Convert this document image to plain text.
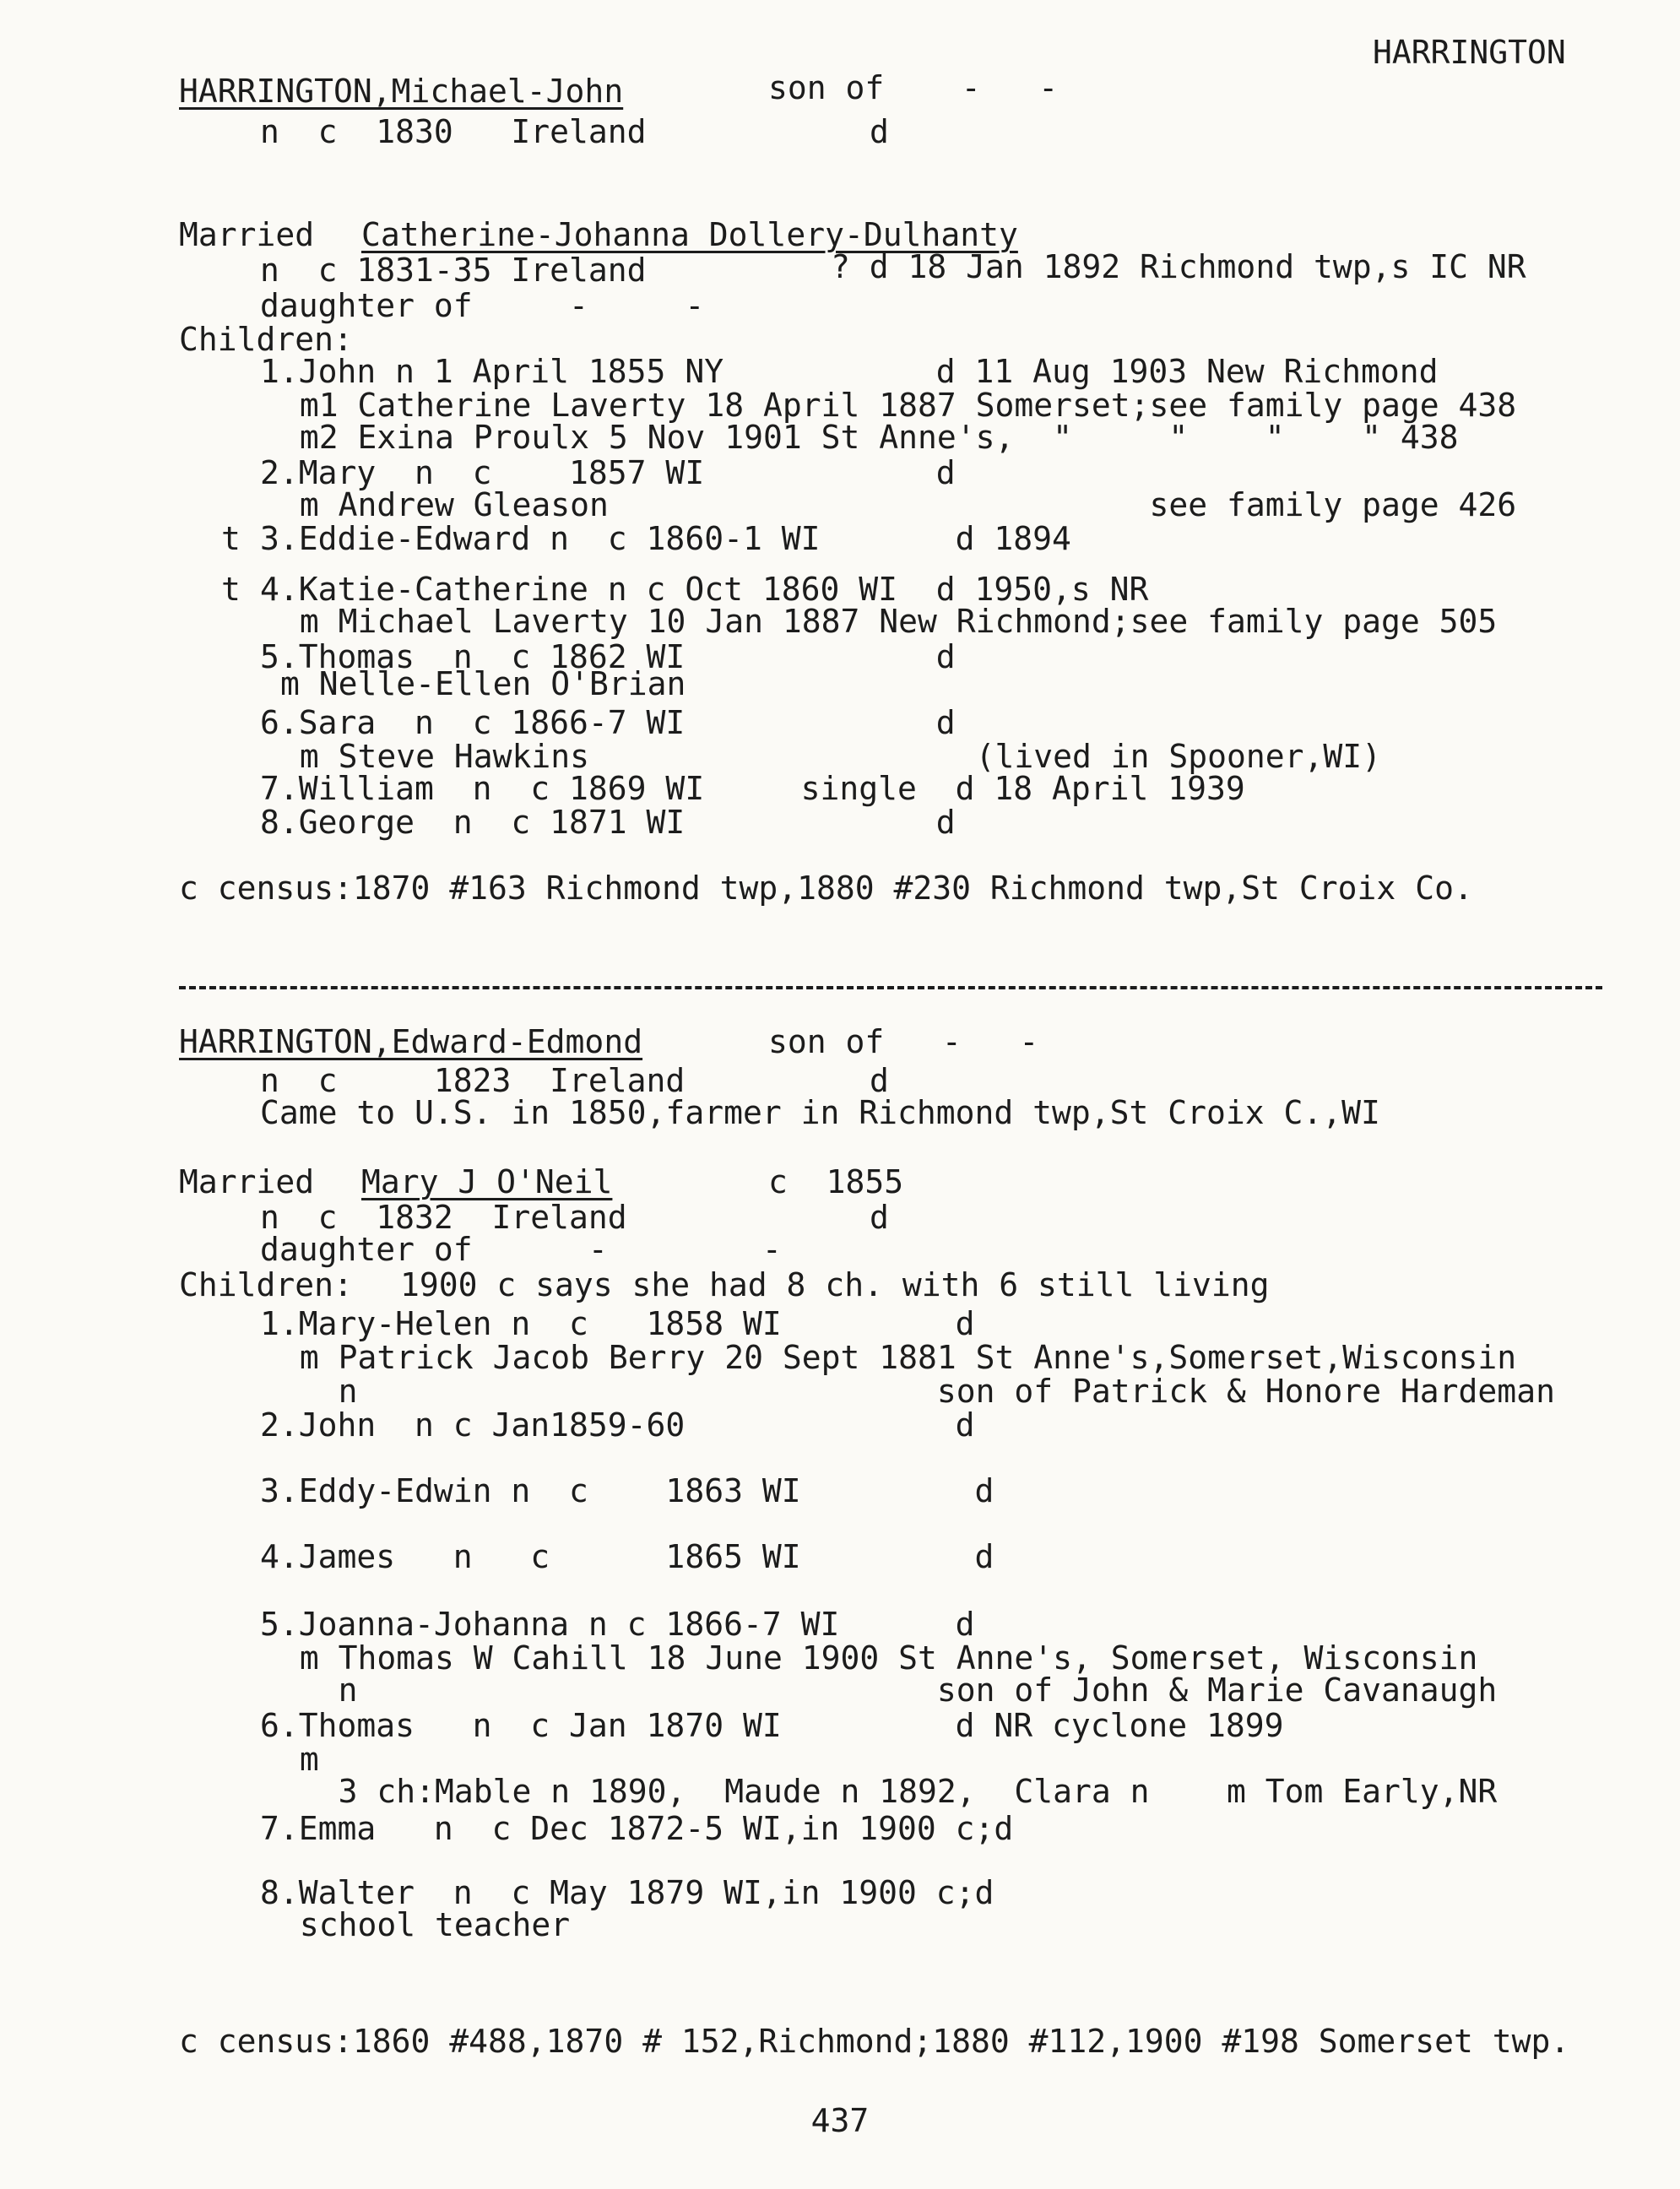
HARRINGTON
HARRINGTON,Michael-John	son of    -   -
n  c  1830   Ireland	d
Married Catherine-Johanna Dollery-Dulhanty
n  c 1831-35 Ireland	? d 18 Jan 1892 Richmond twp,s IC NR
daughter of     -     -
Children:
1.John n 1 April 1855 NY           d 11 Aug 1903 New Richmond
m1 Catherine Laverty 18 April 1887 Somerset;see family page 438
m2 Exina Proulx 5 Nov 1901 St Anne's,  "     "    "    " 438
2.Mary  n  c    1857 WI            d
m Andrew Gleason                            see family page 426
t 3.Eddie-Edward n  c 1860-1 WI       d 1894
t 4.Katie-Catherine n c Oct 1860 WI  d 1950,s NR
m Michael Laverty 10 Jan 1887 New Richmond;see family page 505
5.Thomas  n  c 1862 WI             d
m Nelle-Ellen O'Brian
6.Sara  n  c 1866-7 WI             d
m Steve Hawkins                    (lived in Spooner,WI)
7.William  n  c 1869 WI     single  d 18 April 1939
8.George  n  c 1871 WI             d
c census:1870 #163 Richmond twp,1880 #230 Richmond twp,St Croix Co.
HARRINGTON,Edward-Edmond	son of   -   -
n  c     1823  Ireland	d
Came to U.S. in 1850,farmer in Richmond twp,St Croix C.,WI
Married Mary J O'Neil	c  1855
n  c  1832  Ireland	d
daughter of      -        -
Children: 1900 c says she had 8 ch. with 6 still living
1.Mary-Helen n  c   1858 WI         d
m Patrick Jacob Berry 20 Sept 1881 St Anne's,Somerset,Wisconsin
n                              son of Patrick & Honore Hardeman
2.John  n c Jan1859-60              d
3.Eddy-Edwin n  c    1863 WI         d
4.James   n   c      1865 WI         d
5.Joanna-Johanna n c 1866-7 WI      d
m Thomas W Cahill 18 June 1900 St Anne's, Somerset, Wisconsin
n                              son of John & Marie Cavanaugh
6.Thomas   n  c Jan 1870 WI         d NR cyclone 1899
m
3 ch:Mable n 1890,  Maude n 1892,  Clara n    m Tom Early,NR
7.Emma   n  c Dec 1872-5 WI,in 1900 c;d
8.Walter  n  c May 1879 WI,in 1900 c;d
school teacher
c census:1860 #488,1870 # 152,Richmond;1880 #112,1900 #198 Somerset twp.
437
